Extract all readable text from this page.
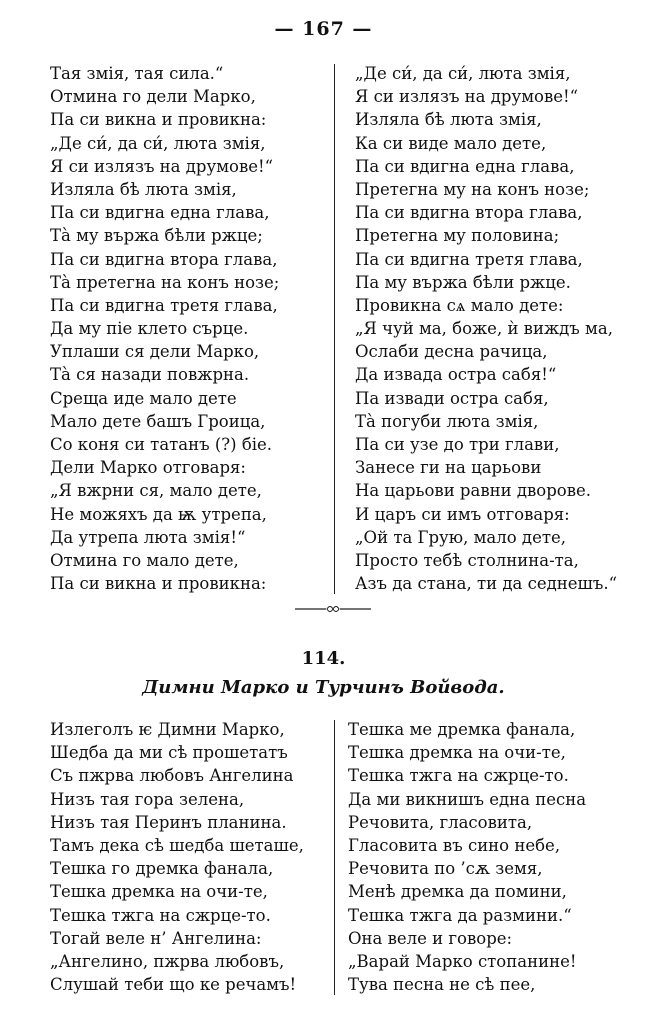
— 167 —
Тая змія, тая сила.“
Отмина го дели Марко,
Па си викна и провикна:
„Де си́, да си́, люта змія,
Я си излязъ на друмове!“
Изляла бѣ люта змія,
Па си вдигна една глава,
Тà му вържа бѣли ржце;
Па си вдигна втора глава,
Тà претегна на конъ нозе;
Па си вдигна третя глава,
Да му піе клето сърце.
Уплаши ся дели Марко,
Тà ся назади повжрна.
Среща иде мало дете
Мало дете башъ Гроица,
Со коня си татанъ (?) біе.
Дели Марко отговаря:
„Я вжрни ся, мало дете,
Не можяхъ да ѭ утрепа,
Да утрепа люта змія!“
Отмина го мало дете,
Па си викна и провикна:
„Де си́, да си́, люта змія,
Я си излязъ на друмове!“
Изляла бѣ люта змія,
Ка си виде мало дете,
Па си вдигна една глава,
Претегна му на конъ нозе;
Па си вдигна втора глава,
Претегна му половина;
Па си вдигна третя глава,
Па му вържа бѣли ржце.
Провикна сѧ мало дете:
„Я чуй ма, боже, ѝ виждъ ма,
Ослаби десна рачица,
Да извада остра сабя!“
Па извади остра сабя,
Тà погуби люта змія,
Па си узе до три глави,
Занесе ги на царьови
На царьови равни дворове.
И царъ си имъ отговаря:
„Ой та Грую, мало дете,
Просто тебѣ столнина-та,
Азъ да стана, ти да седнешъ.“
114.
Димни Марко и Турчинъ Войвода.
Излеголъ ѥ Димни Марко,
Шедба да ми сѣ прошетатъ
Съ пжрва любовъ Ангелина
Низъ тая гора зелена,
Низъ тая Перинъ планина.
Тамъ дека сѣ шедба шеташе,
Тешка го дремка фанала,
Тешка дремка на очи-те,
Тешка тжга на сжрце-то.
Тогай веле н’ Ангелина:
„Ангелино, пжрва любовъ,
Слушай теби що ке речамъ!
Тешка ме дремка фанала,
Тешка дремка на очи-те,
Тешка тжга на сжрце-то.
Да ми викнишъ една песна
Речовита, гласовита,
Гласовита въ сино небе,
Речовита по ’сѫ земя,
Менѣ дремка да помини,
Тешка тжга да размини.“
Она веле и говоре:
„Варай Марко стопанине!
Тува песна не сѣ пее,
